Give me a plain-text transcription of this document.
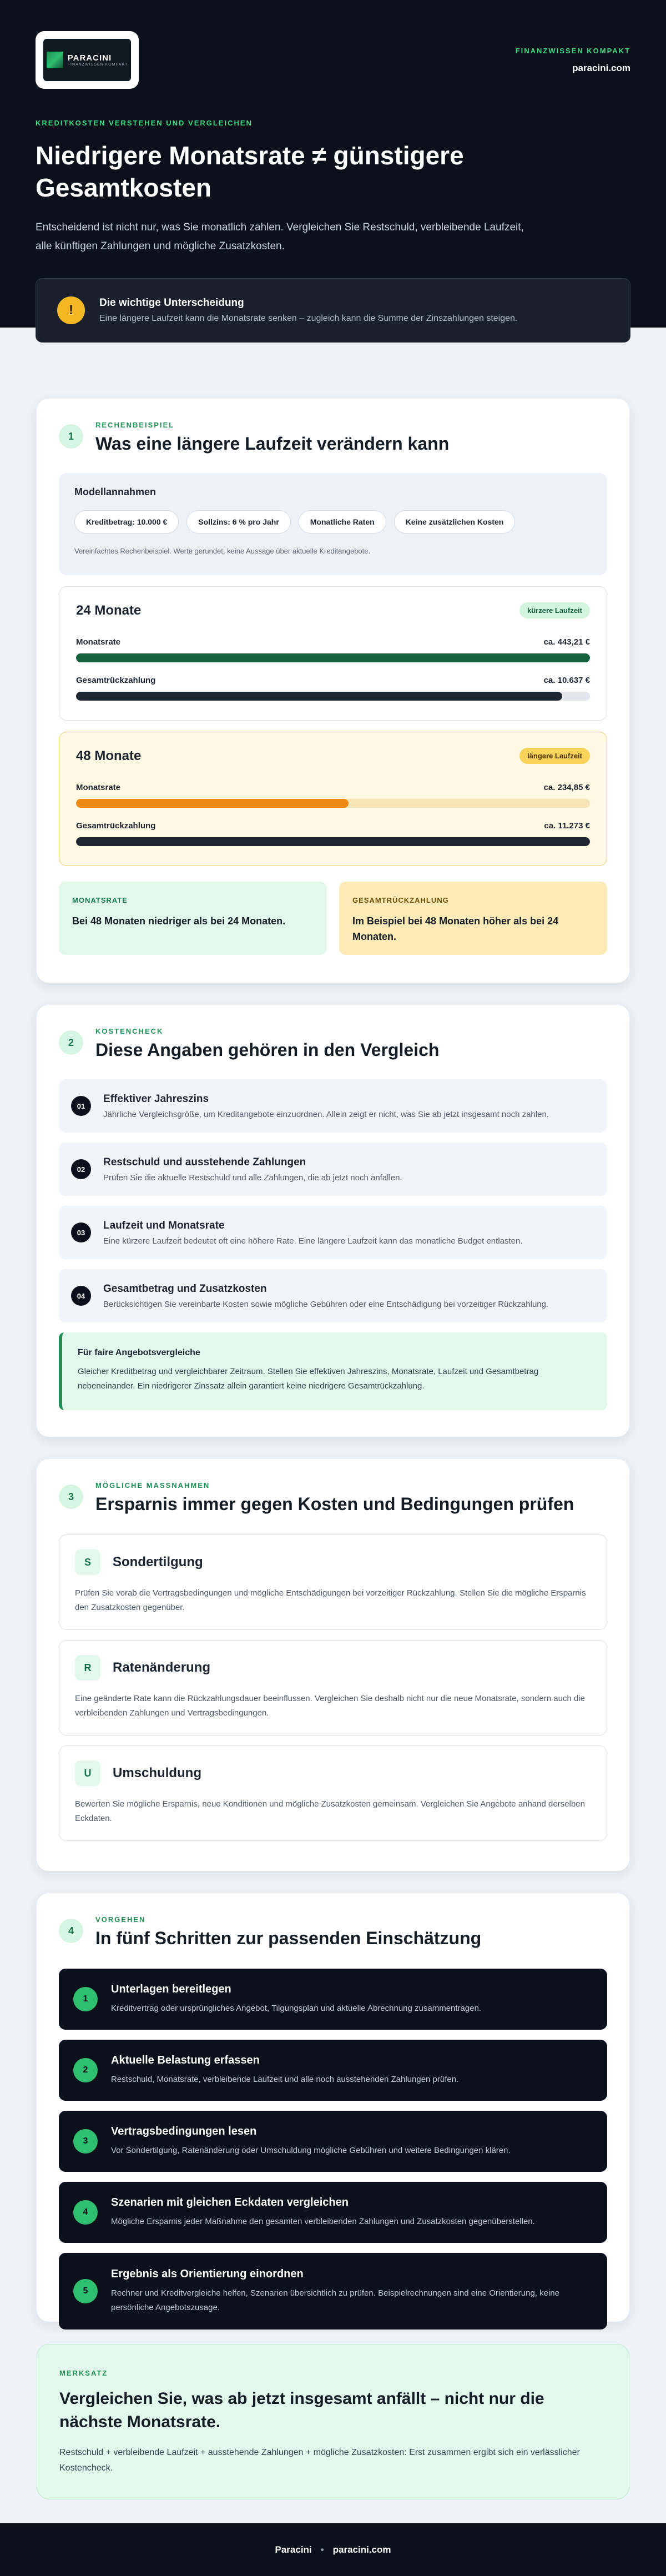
PARACINI
FINANZWISSEN KOMPAKT
FINANZWISSEN KOMPAKT
paracini.com
KREDITKOSTEN VERSTEHEN UND VERGLEICHEN
Niedrigere Monatsrate ≠ günstigere Gesamtkosten

Entscheidend ist nicht nur, was Sie monatlich zahlen. Vergleichen Sie Restschuld, verbleibende Laufzeit, alle künftigen Zahlungen und mögliche Zusatzkosten.

!	Die wichtige Unterscheidung
Eine längere Laufzeit kann die Monatsrate senken – zugleich kann die Summe der Zinszahlungen steigen.
1
RECHENBEISPIEL
Was eine längere Laufzeit verändern kann
Modellannahmen
Kreditbetrag: 10.000 €	Sollzins: 6 % pro Jahr	Monatliche Raten	Keine zusätzlichen Kosten
Vereinfachtes Rechenbeispiel. Werte gerundet; keine Aussage über aktuelle Kreditangebote.
24 Monate	kürzere Laufzeit
Monatsrate	ca. 443,21 €
Gesamtrückzahlung	ca. 10.637 €
48 Monate	längere Laufzeit
Monatsrate	ca. 234,85 €
Gesamtrückzahlung	ca. 11.273 €
MONATSRATE
Bei 48 Monaten niedriger als bei 24 Monaten.
GESAMTRÜCKZAHLUNG
Im Beispiel bei 48 Monaten höher als bei 24 Monaten.
2
KOSTENCHECK
Diese Angaben gehören in den Vergleich
01
Effektiver Jahreszins
Jährliche Vergleichsgröße, um Kreditangebote einzuordnen. Allein zeigt er nicht, was Sie ab jetzt insgesamt noch zahlen.
02
Restschuld und ausstehende Zahlungen
Prüfen Sie die aktuelle Restschuld und alle Zahlungen, die ab jetzt noch anfallen.
03
Laufzeit und Monatsrate
Eine kürzere Laufzeit bedeutet oft eine höhere Rate. Eine längere Laufzeit kann das monatliche Budget entlasten.
04
Gesamtbetrag und Zusatzkosten
Berücksichtigen Sie vereinbarte Kosten sowie mögliche Gebühren oder eine Entschädigung bei vorzeitiger Rückzahlung.
Für faire Angebotsvergleiche
Gleicher Kreditbetrag und vergleichbarer Zeitraum. Stellen Sie effektiven Jahreszins, Monatsrate, Laufzeit und Gesamtbetrag nebeneinander. Ein niedrigerer Zinssatz allein garantiert keine niedrigere Gesamtrückzahlung.
3
MÖGLICHE MASSNAHMEN
Ersparnis immer gegen Kosten und Bedingungen prüfen
S	Sondertilgung
Prüfen Sie vorab die Vertragsbedingungen und mögliche Entschädigungen bei vorzeitiger Rückzahlung. Stellen Sie die mögliche Ersparnis den Zusatzkosten gegenüber.
R	Ratenänderung
Eine geänderte Rate kann die Rückzahlungsdauer beeinflussen. Vergleichen Sie deshalb nicht nur die neue Monatsrate, sondern auch die verbleibenden Zahlungen und Vertragsbedingungen.
U	Umschuldung
Bewerten Sie mögliche Ersparnis, neue Konditionen und mögliche Zusatzkosten gemeinsam. Vergleichen Sie Angebote anhand derselben Eckdaten.
4
VORGEHEN
In fünf Schritten zur passenden Einschätzung
1
Unterlagen bereitlegen
Kreditvertrag oder ursprüngliches Angebot, Tilgungsplan und aktuelle Abrechnung zusammentragen.
2
Aktuelle Belastung erfassen
Restschuld, Monatsrate, verbleibende Laufzeit und alle noch ausstehenden Zahlungen prüfen.
3
Vertragsbedingungen lesen
Vor Sondertilgung, Ratenänderung oder Umschuldung mögliche Gebühren und weitere Bedingungen klären.
4
Szenarien mit gleichen Eckdaten vergleichen
Mögliche Ersparnis jeder Maßnahme den gesamten verbleibenden Zahlungen und Zusatzkosten gegenüberstellen.
5
Ergebnis als Orientierung einordnen
Rechner und Kreditvergleiche helfen, Szenarien übersichtlich zu prüfen. Beispielrechnungen sind eine Orientierung, keine persönliche Angebotszusage.
MERKSATZ
Vergleichen Sie, was ab jetzt insgesamt anfällt – nicht nur die nächste Monatsrate.
Restschuld + verbleibende Laufzeit + ausstehende Zahlungen + mögliche Zusatzkosten: Erst zusammen ergibt sich ein verlässlicher Kostencheck.
Paracini • paracini.com
